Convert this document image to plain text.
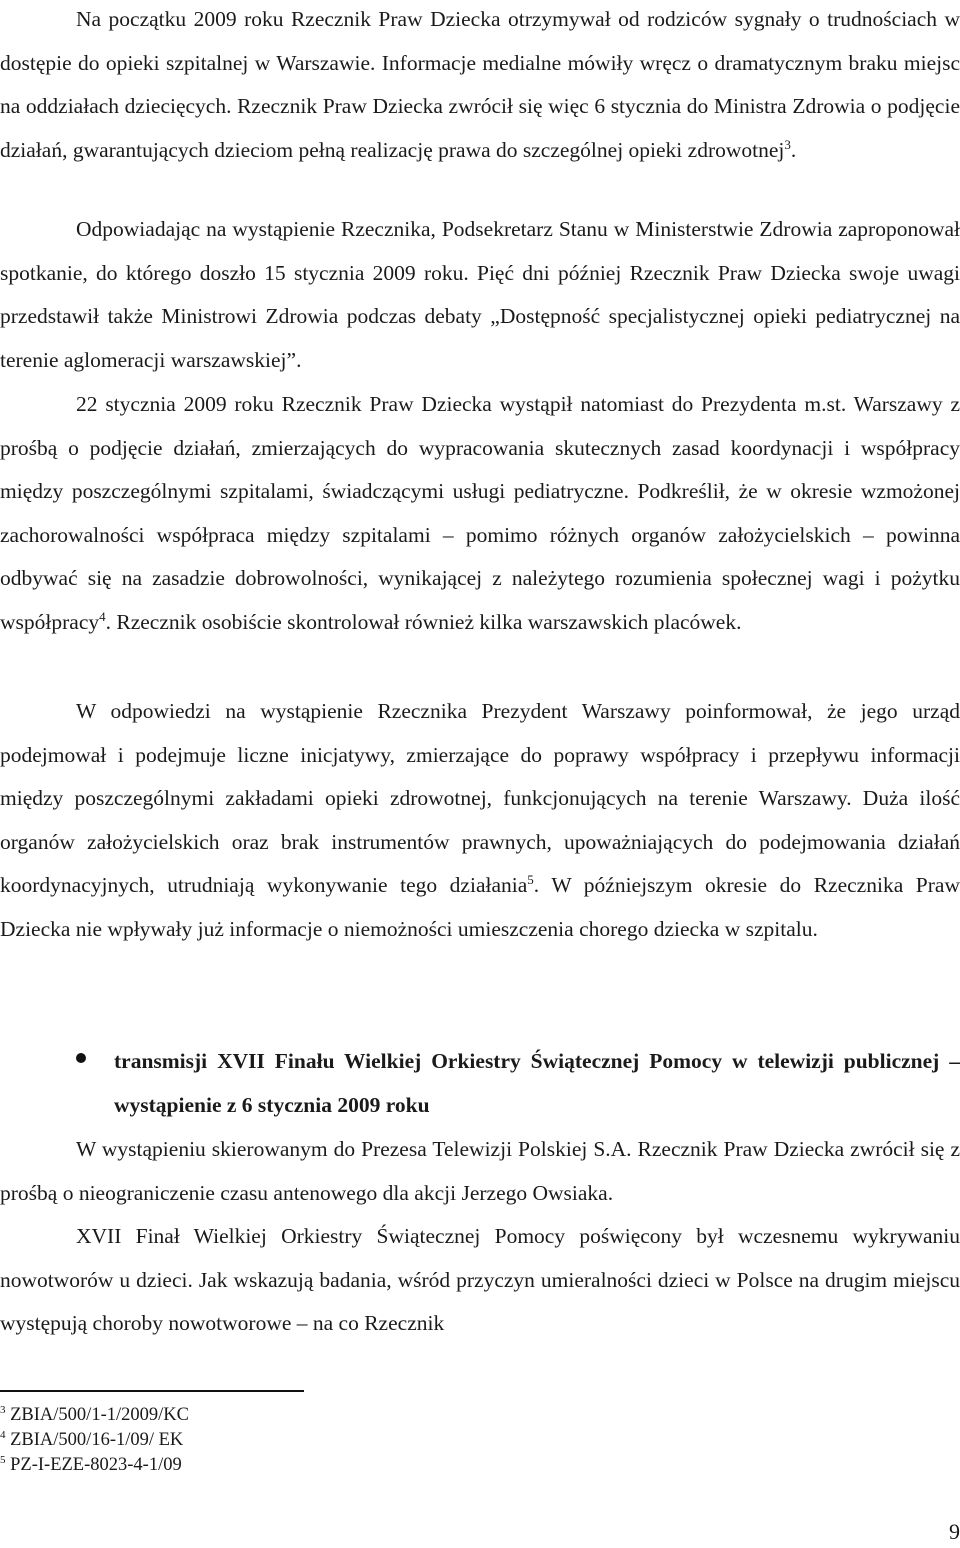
Na początku 2009 roku Rzecznik Praw Dziecka otrzymywał od rodziców sygnały o trudnościach w dostępie do opieki szpitalnej w Warszawie. Informacje medialne mówiły wręcz o dramatycznym braku miejsc na oddziałach dziecięcych. Rzecznik Praw Dziecka zwrócił się więc 6 stycznia do Ministra Zdrowia o podjęcie działań, gwarantujących dzieciom pełną realizację prawa do szczególnej opieki zdrowotnej$^3$.

Odpowiadając na wystąpienie Rzecznika, Podsekretarz Stanu w Ministerstwie Zdrowia zaproponował spotkanie, do którego doszło 15 stycznia 2009 roku. Pięć dni później Rzecznik Praw Dziecka swoje uwagi przedstawił także Ministrowi Zdrowia podczas debaty „Dostępność specjalistycznej opieki pediatrycznej na terenie aglomeracji warszawskiej”.

22 stycznia 2009 roku Rzecznik Praw Dziecka wystąpił natomiast do Prezydenta m.st. Warszawy z prośbą o podjęcie działań, zmierzających do wypracowania skutecznych zasad koordynacji i współpracy między poszczególnymi szpitalami, świadczącymi usługi pediatryczne. Podkreślił, że w okresie wzmożonej zachorowalności współpraca między szpitalami – pomimo różnych organów założycielskich – powinna odbywać się na zasadzie dobrowolności, wynikającej z należytego rozumienia społecznej wagi i pożytku współpracy$^4$. Rzecznik osobiście skontrolował również kilka warszawskich placówek.

W odpowiedzi na wystąpienie Rzecznika Prezydent Warszawy poinformował, że jego urząd podejmował i podejmuje liczne inicjatywy, zmierzające do poprawy współpracy i przepływu informacji między poszczególnymi zakładami opieki zdrowotnej, funkcjonujących na terenie Warszawy. Duża ilość organów założycielskich oraz brak instrumentów prawnych, upoważniających do podejmowania działań koordynacyjnych, utrudniają wykonywanie tego działania$^5$. W późniejszym okresie do Rzecznika Praw Dziecka nie wpływały już informacje o niemożności umieszczenia chorego dziecka w szpitalu.

transmisji XVII Finału Wielkiej Orkiestry Świątecznej Pomocy w telewizji publicznej – wystąpienie z 6 stycznia 2009 roku

W wystąpieniu skierowanym do Prezesa Telewizji Polskiej S.A. Rzecznik Praw Dziecka zwrócił się z prośbą o nieograniczenie czasu antenowego dla akcji Jerzego Owsiaka.

XVII Finał Wielkiej Orkiestry Świątecznej Pomocy poświęcony był wczesnemu wykrywaniu nowotworów u dzieci. Jak wskazują badania, wśród przyczyn umieralności dzieci w Polsce na drugim miejscu występują choroby nowotworowe – na co Rzecznik

$^3$ ZBIA/500/1-1/2009/KC

$^4$ ZBIA/500/16-1/09/ EK

$^5$ PZ-I-EZE-8023-4-1/09

9
